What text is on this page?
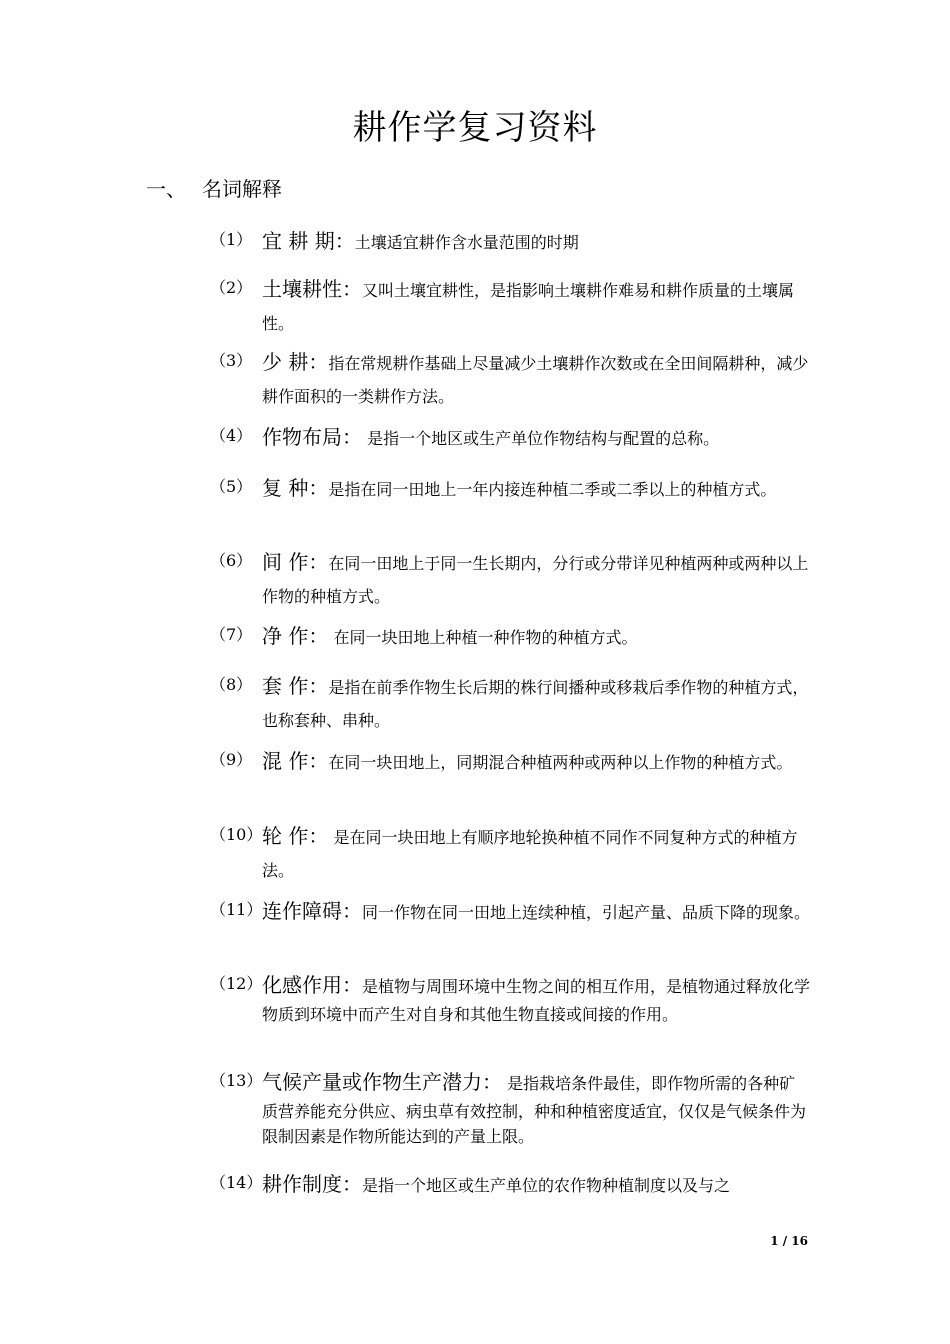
耕作学复习资料
一、 名词解释
（1） 宜 耕 期：土壤适宜耕作含水量范围的时期
（2） 土壤耕性：又叫土壤宜耕性，是指影响土壤耕作难易和耕作质量的土壤属性。
（3） 少 耕：指在常规耕作基础上尽量减少土壤耕作次数或在全田间隔耕种，减少耕作面积的一类耕作方法。
（4） 作物布局： 是指一个地区或生产单位作物结构与配置的总称。
（5） 复 种：是指在同一田地上一年内接连种植二季或二季以上的种植方式。
（6） 间 作：在同一田地上于同一生长期内，分行或分带详见种植两种或两种以上作物的种植方式。
（7） 净 作： 在同一块田地上种植一种作物的种植方式。
（8） 套 作：是指在前季作物生长后期的株行间播种或移栽后季作物的种植方式，也称套种、串种。
（9） 混 作：在同一块田地上，同期混合种植两种或两种以上作物的种植方式。
（10） 轮 作： 是在同一块田地上有顺序地轮换种植不同作不同复种方式的种植方法。
（11） 连作障碍：同一作物在同一田地上连续种植，引起产量、品质下降的现象。
（12） 化感作用：是植物与周围环境中生物之间的相互作用，是植物通过释放化学物质到环境中而产生对自身和其他生物直接或间接的作用。
（13） 气候产量或作物生产潜力： 是指栽培条件最佳，即作物所需的各种矿质营养能充分供应、病虫草有效控制，种和种植密度适宜，仅仅是气候条件为限制因素是作物所能达到的产量上限。
（14） 耕作制度：是指一个地区或生产单位的农作物种植制度以及与之
1 / 16
